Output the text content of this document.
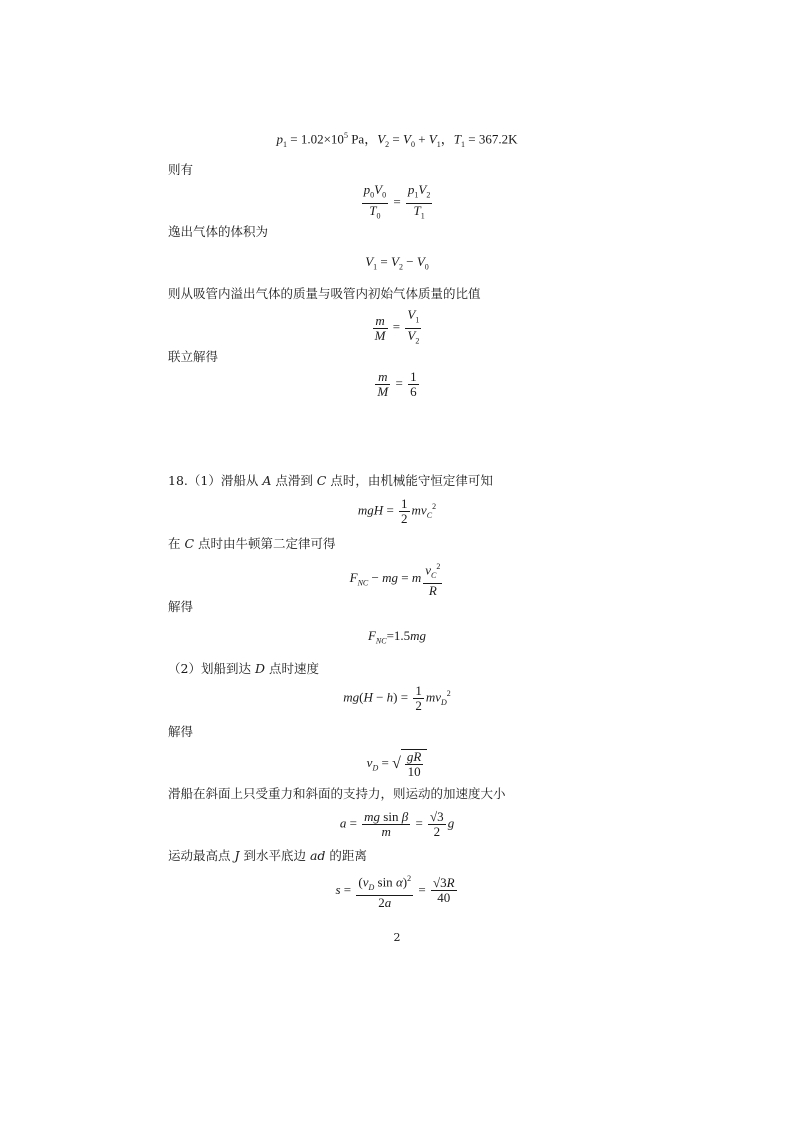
$p_1 = 1.02\times 10^5$ Pa，$V_2 = V_0 + V_1$，$T_1 = 367.2K$
则有
$\frac{p_0V_0}{T_0} = \frac{p_1V_2}{T_1}$
逸出气体的体积为
$V_1 = V_2 - V_0$
则从吸管内溢出气体的质量与吸管内初始气体质量的比值
$\frac{m}{M} = \frac{V_1}{V_2}$
联立解得
$\frac{m}{M} = \frac{1}{6}$
18.（1）滑船从 A 点滑到 C 点时，由机械能守恒定律可知
mgH = $\frac{1}{2} mv_C^2$
在 C 点时由牛顿第二定律可得
$F_{NC}$ − mg = m $\frac{v_C^2}{R}$
解得
$F_{NC}=1.5mg$
（2）划船到达 D 点时速度
$mg(H - h) = \frac{1}{2} mv_D^2$
解得
$v_D$ = √ $\frac{gR}{10}$
滑船在斜面上只受重力和斜面的支持力，则运动的加速度大小
$a = \frac{\text{mg sin β}}{m} = \frac{√3}{2}$ g
运动最高点 J 到水平底边 ad 的距离
$s = \frac{(v_D \sin \alpha)^2}{2a} = \frac{√3R}{40}$
2
